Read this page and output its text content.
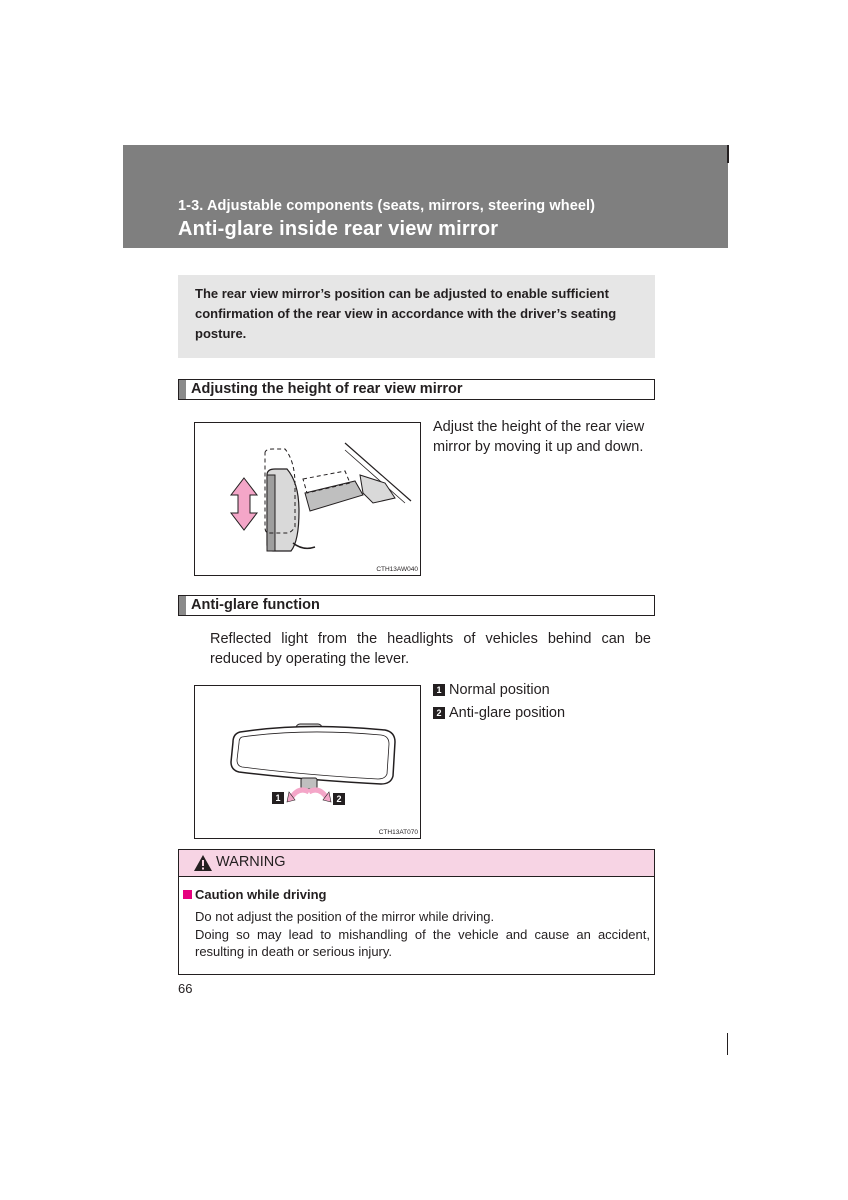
1-3. Adjustable components (seats, mirrors, steering wheel)
Anti-glare inside rear view mirror

The rear view mirror’s position can be adjusted to enable sufficient confirmation of the rear view in accordance with the driver’s seating posture.

Adjusting the height of rear view mirror
CTH13AW040
Adjust the height of the rear view
mirror by moving it up and down.
Anti-glare function
Reflected light from the headlights of vehicles behind can be reduced by operating the lever.
1	2
CTH13AT070
1 Normal position
2 Anti-glare position
WARNING
Caution while driving

Do not adjust the position of the mirror while driving.

Doing so may lead to mishandling of the vehicle and cause an accident, resulting in death or serious injury.

66
